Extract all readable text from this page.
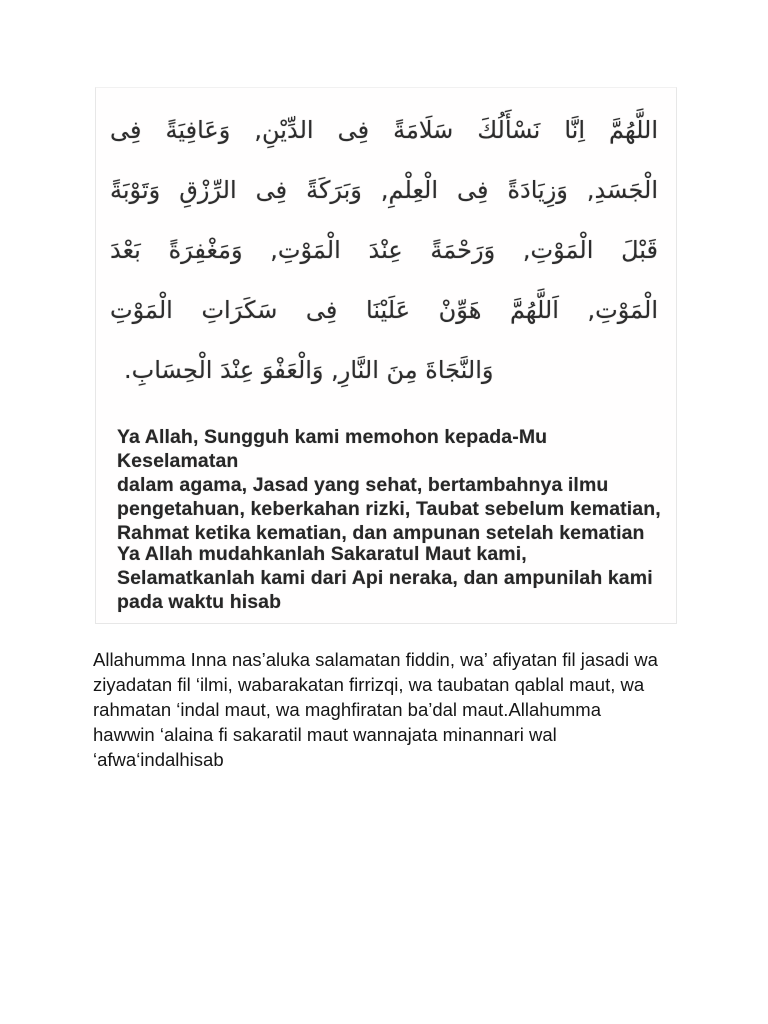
اللَّهُمَّ اِنَّا نَسْأَلُكَ سَلَامَةً فِى الدِّيْنِ, وَعَافِيَةً فِى
الْجَسَدِ, وَزِيَادَةً فِى الْعِلْمِ, وَبَرَكَةً فِى الرِّزْقِ وَتَوْبَةً
قَبْلَ الْمَوْتِ, وَرَحْمَةً عِنْدَ الْمَوْتِ, وَمَغْفِرَةً بَعْدَ
الْمَوْتِ, اَللَّهُمَّ هَوِّنْ عَلَيْنَا فِى سَكَرَاتِ الْمَوْتِ
وَالنَّجَاةَ مِنَ النَّارِ, وَالْعَفْوَ عِنْدَ الْحِسَابِ.
Ya Allah, Sungguh kami memohon kepada-Mu Keselamatan
dalam agama, Jasad yang sehat, bertambahnya ilmu
pengetahuan, keberkahan rizki, Taubat sebelum kematian,
Rahmat ketika kematian, dan ampunan setelah kematian
Ya Allah mudahkanlah Sakaratul Maut kami,
Selamatkanlah kami dari Api neraka, dan ampunilah kami
pada waktu hisab
Allahumma Inna nas’aluka salamatan fiddin, wa’ afiyatan fil jasadi wa
ziyadatan fil ‘ilmi, wabarakatan firrizqi, wa taubatan qablal maut, wa
rahmatan ‘indal maut, wa maghfiratan ba’dal maut.Allahumma
hawwin ‘alaina fi sakaratil maut wannajata minannari wal
‘afwa‘indalhisab
